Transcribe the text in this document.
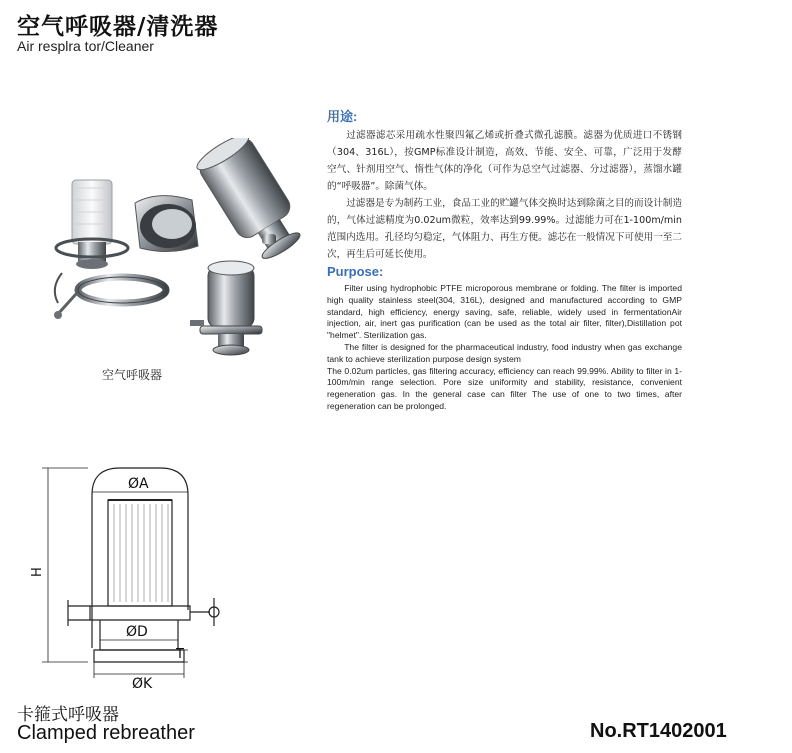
空气呼吸器/清洗器
Air resplra tor/Cleaner
空气呼吸器
用途:

过滤器滤芯采用疏水性聚四氟乙烯或折叠式微孔滤膜。滤器为优质进口不锈钢（304、316L），按GMP标准设计制造，高效、节能、安全、可靠，广泛用于发酵空气、针剂用空气、惰性气体的净化（可作为总空气过滤器、分过滤器），蒸馏水罐的“呼吸器”。除菌气体。

过滤器是专为制药工业，食品工业的贮罐气体交换时达到除菌之目的而设计制造的，气体过滤精度为0.02um微粒，效率达到99.99%。过滤能力可在1-100m/min范围内选用。孔径均匀稳定，气体阻力、再生方便。滤芯在一般情况下可使用一至二次，再生后可延长使用。

Purpose:

Filter using hydrophobic PTFE microporous membrane or folding. The filter is imported high quality stainless steel(304, 316L), designed and manufactured according to GMP standard, high efficiency, energy saving, safe, reliable, widely used in fermentationAir injection, air, inert gas purification (can be used as the total air filter, filter),Distillation pot "helmet". Sterilization gas.

The filter is designed for the pharmaceutical industry, food industry when gas exchange tank to achieve sterilization purpose design system

The 0.02um particles, gas filtering accuracy, efficiency can reach 99.99%. Ability to filter in 1-100m/min range selection. Pore size uniformity and stability, resistance, convenient regeneration gas. In the general case can filter The use of one to two times, after regeneration can be prolonged.

ØA
H
ØD
T
ØK
卡箍式呼吸器
Clamped rebreather	No.RT1402001
